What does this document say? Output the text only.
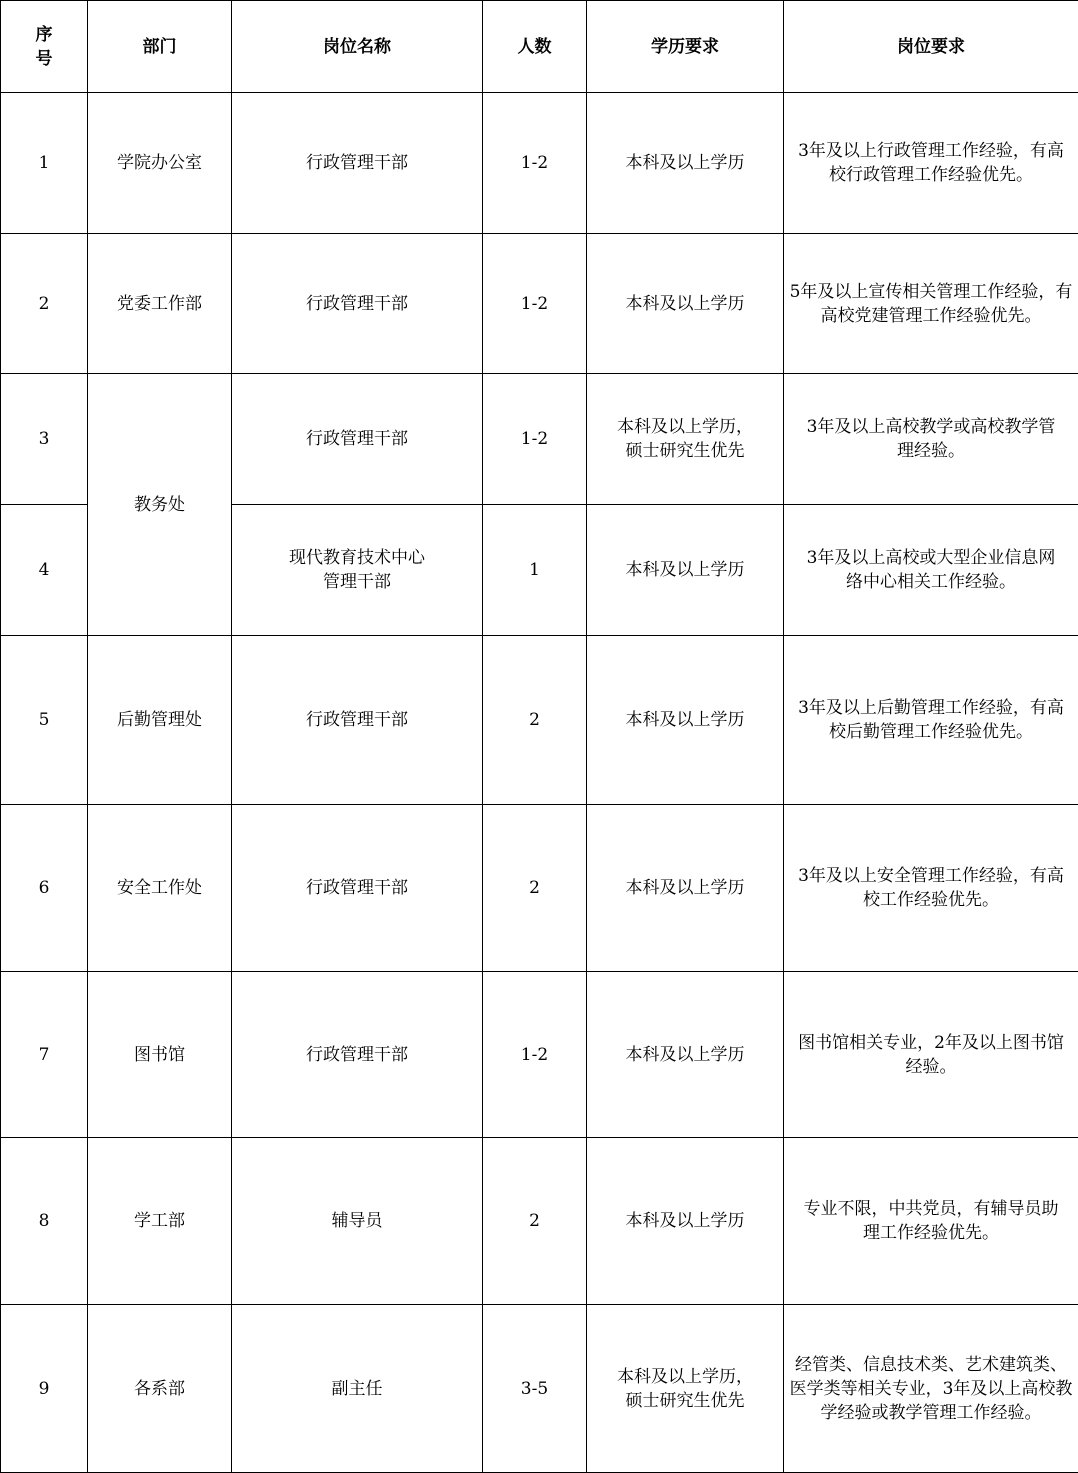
序号	部门	岗位名称	人数	学历要求	岗位要求
1	学院办公室	行政管理干部	1-2	本科及以上学历	3年及以上行政管理工作经验，有高校行政管理工作经验优先。

2	党委工作部	行政管理干部	1-2	本科及以上学历	5年及以上宣传相关管理工作经验，有高校党建管理工作经验优先。

3	教务处	行政管理干部	1-2	本科及以上学历，硕士研究生优先	3年及以上高校教学或高校教学管理经验。

4		现代教育技术中心管理干部	1	本科及以上学历	3年及以上高校或大型企业信息网络中心相关工作经验。

5	后勤管理处	行政管理干部	2	本科及以上学历	3年及以上后勤管理工作经验，有高校后勤管理工作经验优先。

6	安全工作处	行政管理干部	2	本科及以上学历	3年及以上安全管理工作经验，有高校工作经验优先。

7	图书馆	行政管理干部	1-2	本科及以上学历	图书馆相关专业，2年及以上图书馆经验。

8	学工部	辅导员	2	本科及以上学历	专业不限，中共党员，有辅导员助理工作经验优先。

9	各系部	副主任	3-5	本科及以上学历，硕士研究生优先	经管类、信息技术类、艺术建筑类、医学类等相关专业，3年及以上高校教学经验或教学管理工作经验。
